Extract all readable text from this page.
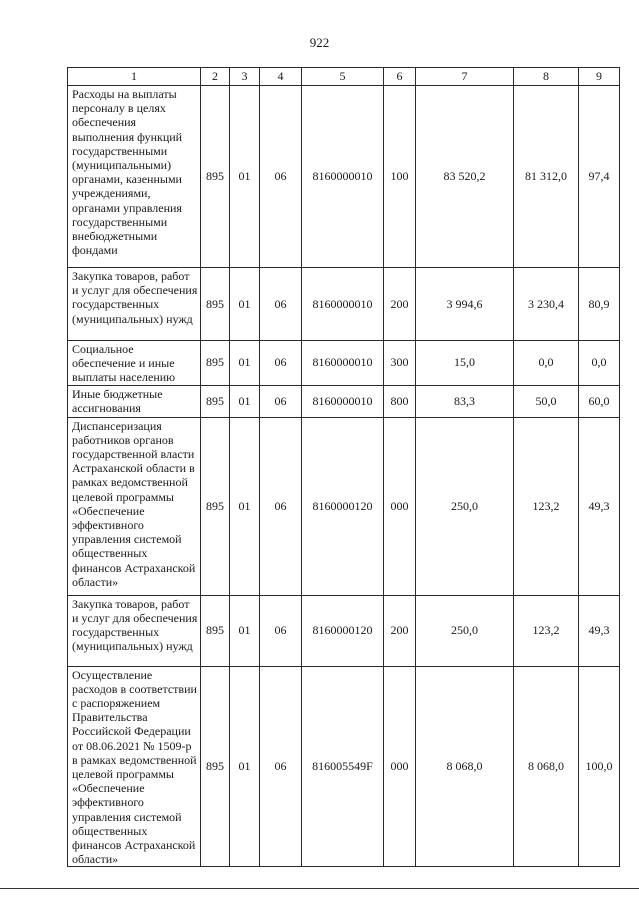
922
1	2	3	4	5	6	7	8	9
Расходы на выплаты персоналу в целях обеспечения выполнения функций государственными (муниципальными) органами, казенными учреждениями, органами управления государственными внебюджетными фондами	895	01	06	8160000010	100	83 520,2	81 312,0	97,4
Закупка товаров, работ и услуг для обеспечения государственных (муниципальных) нужд	895	01	06	8160000010	200	3 994,6	3 230,4	80,9
Социальное обеспечение и иные выплаты населению	895	01	06	8160000010	300	15,0	0,0	0,0
Иные бюджетные ассигнования	895	01	06	8160000010	800	83,3	50,0	60,0
Диспансеризация работников органов государственной власти Астраханской области в рамках ведомственной целевой программы «Обеспечение эффективного управления системой общественных финансов Астраханской области»	895	01	06	8160000120	000	250,0	123,2	49,3
Закупка товаров, работ и услуг для обеспечения государственных (муниципальных) нужд	895	01	06	8160000120	200	250,0	123,2	49,3
Осуществление расходов в соответствии с распоряжением Правительства Российской Федерации от 08.06.2021 № 1509-р в рамках ведомственной целевой программы «Обеспечение эффективного управления системой общественных финансов Астраханской области»	895	01	06	816005549F	000	8 068,0	8 068,0	100,0
